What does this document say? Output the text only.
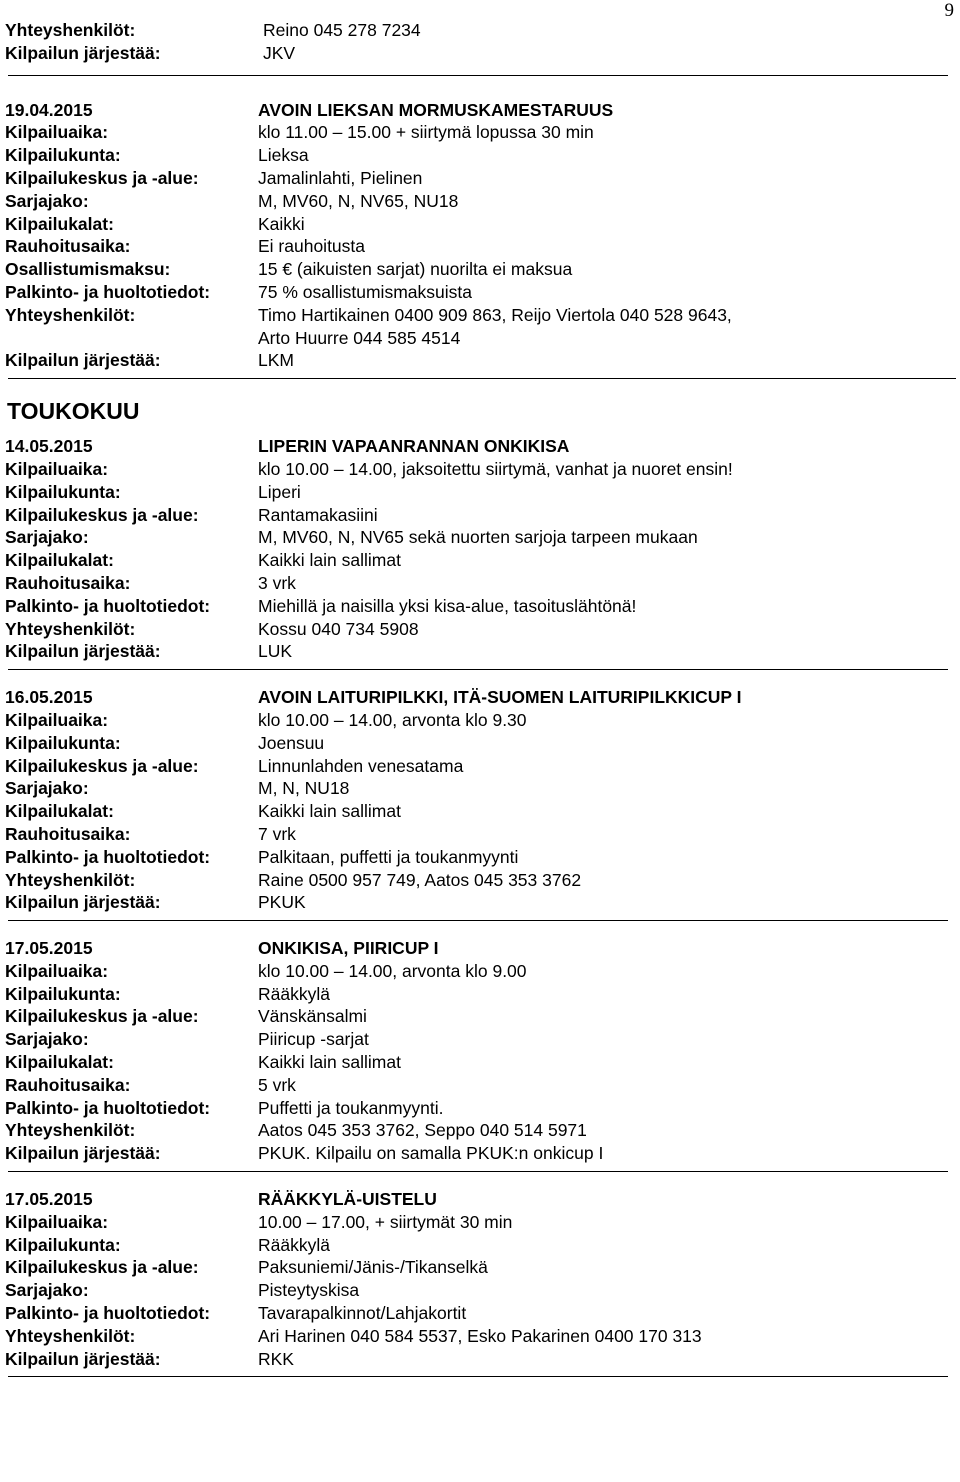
9
Yhteyshenkilöt:	Reino 045 278 7234
Kilpailun järjestää:	JKV
19.04.2015	AVOIN LIEKSAN MORMUSKAMESTARUUS
Kilpailuaika:	klo 11.00 – 15.00 + siirtymä lopussa 30 min
Kilpailukunta:	Lieksa
Kilpailukeskus ja -alue:	Jamalinlahti, Pielinen
Sarjajako:	M, MV60, N, NV65, NU18
Kilpailukalat:	Kaikki
Rauhoitusaika:	Ei rauhoitusta
Osallistumismaksu:	15 € (aikuisten sarjat) nuorilta ei maksua
Palkinto- ja huoltotiedot:	75 % osallistumismaksuista
Yhteyshenkilöt:	Timo Hartikainen 0400 909 863, Reijo Viertola 040 528 9643,
Arto Huurre 044 585 4514
Kilpailun järjestää:	LKM
TOUKOKUU
14.05.2015	LIPERIN VAPAANRANNAN ONKIKISA
Kilpailuaika:	klo 10.00 – 14.00, jaksoitettu siirtymä, vanhat ja nuoret ensin!
Kilpailukunta:	Liperi
Kilpailukeskus ja -alue:	Rantamakasiini
Sarjajako:	M, MV60, N, NV65 sekä nuorten sarjoja tarpeen mukaan
Kilpailukalat:	Kaikki lain sallimat
Rauhoitusaika:	3 vrk
Palkinto- ja huoltotiedot:	Miehillä ja naisilla yksi kisa-alue, tasoituslähtönä!
Yhteyshenkilöt:	Kossu 040 734 5908
Kilpailun järjestää:	LUK
16.05.2015	AVOIN LAITURIPILKKI, ITÄ-SUOMEN LAITURIPILKKICUP I
Kilpailuaika:	klo 10.00 – 14.00, arvonta klo 9.30
Kilpailukunta:	Joensuu
Kilpailukeskus ja -alue:	Linnunlahden venesatama
Sarjajako:	M, N, NU18
Kilpailukalat:	Kaikki lain sallimat
Rauhoitusaika:	7 vrk
Palkinto- ja huoltotiedot:	Palkitaan, puffetti ja toukanmyynti
Yhteyshenkilöt:	Raine 0500 957 749, Aatos 045 353 3762
Kilpailun järjestää:	PKUK
17.05.2015	ONKIKISA, PIIRICUP I
Kilpailuaika:	klo 10.00 – 14.00, arvonta klo 9.00
Kilpailukunta:	Rääkkylä
Kilpailukeskus ja -alue:	Vänskänsalmi
Sarjajako:	Piiricup -sarjat
Kilpailukalat:	Kaikki lain sallimat
Rauhoitusaika:	5 vrk
Palkinto- ja huoltotiedot:	Puffetti ja toukanmyynti.
Yhteyshenkilöt:	Aatos 045 353 3762, Seppo 040 514 5971
Kilpailun järjestää:	PKUK. Kilpailu on samalla PKUK:n onkicup I
17.05.2015	RÄÄKKYLÄ-UISTELU
Kilpailuaika:	10.00 – 17.00, + siirtymät 30 min
Kilpailukunta:	Rääkkylä
Kilpailukeskus ja -alue:	Paksuniemi/Jänis-/Tikanselkä
Sarjajako:	Pisteytyskisa
Palkinto- ja huoltotiedot:	Tavarapalkinnot/Lahjakortit
Yhteyshenkilöt:	Ari Harinen 040 584 5537, Esko Pakarinen 0400 170 313
Kilpailun järjestää:	RKK
